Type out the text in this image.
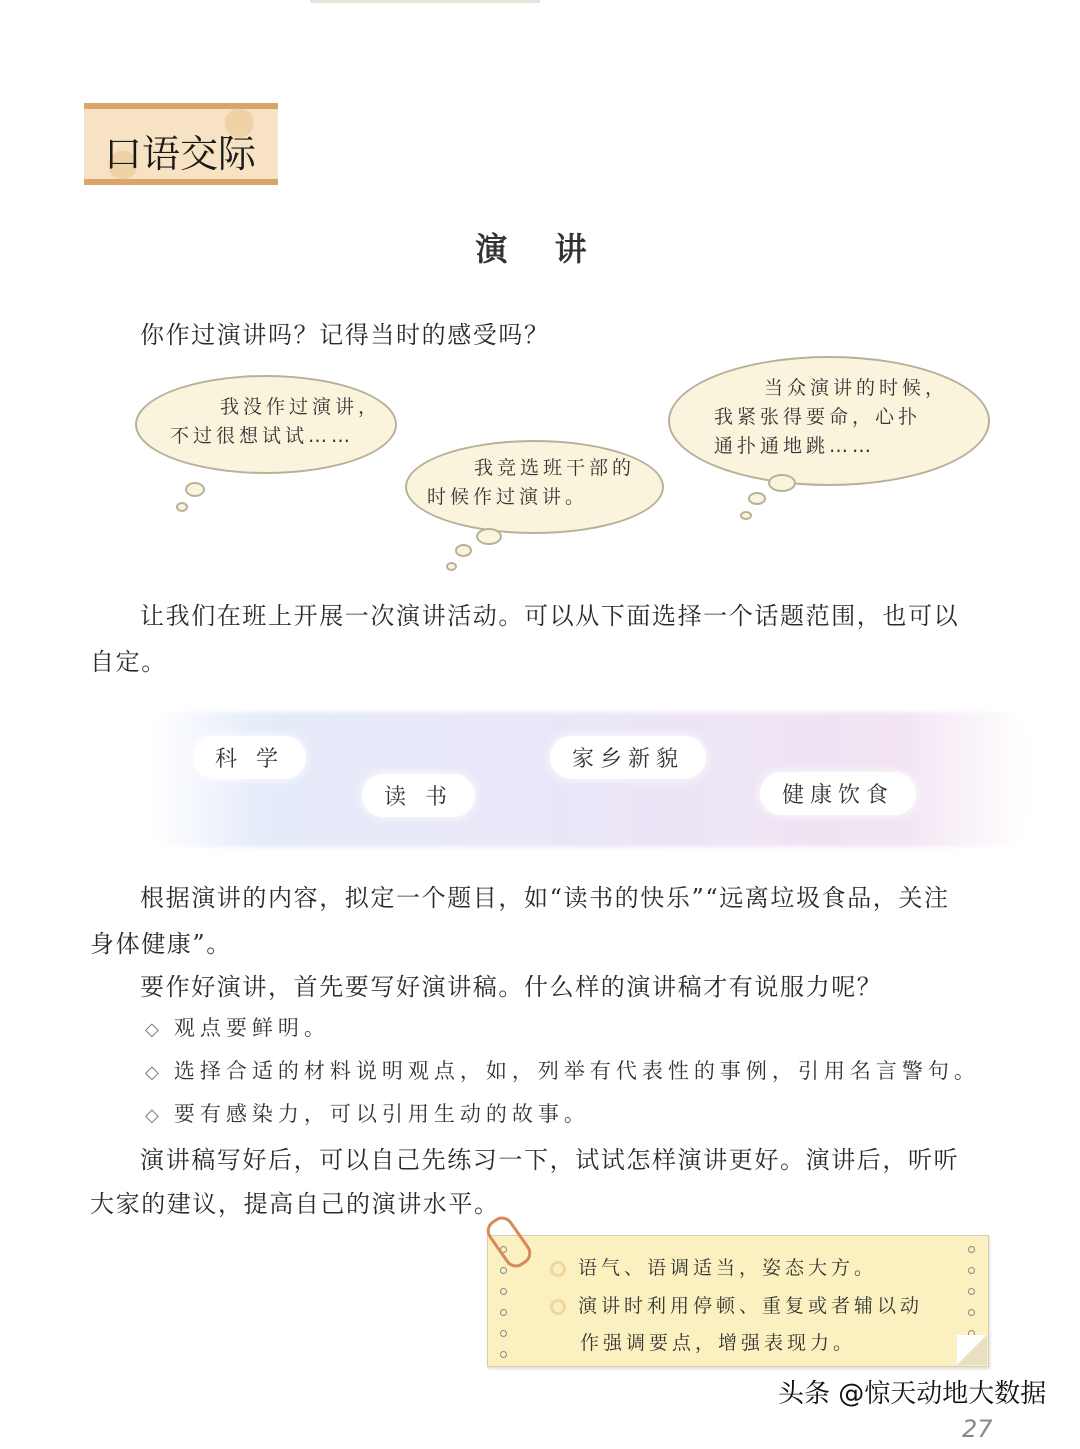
口语交际
演 讲
你作过演讲吗？记得当时的感受吗？
我没作过演讲，
不过很想试试……
我竞选班干部的
时候作过演讲。
当众演讲的时候，
我紧张得要命，心扑
通扑通地跳……
让我们在班上开展一次演讲活动。可以从下面选择一个话题范围，也可以
自定。
科 学
读 书
家乡新貌
健康饮食
根据演讲的内容，拟定一个题目，如“读书的快乐”“远离垃圾食品，关注
身体健康”。
要作好演讲，首先要写好演讲稿。什么样的演讲稿才有说服力呢？
◇ 观点要鲜明。
◇ 选择合适的材料说明观点，如，列举有代表性的事例，引用名言警句。
◇ 要有感染力，可以引用生动的故事。
演讲稿写好后，可以自己先练习一下，试试怎样演讲更好。演讲后，听听
大家的建议，提高自己的演讲水平。
语气、语调适当，姿态大方。
演讲时利用停顿、重复或者辅以动
作强调要点，增强表现力。
头条 @惊天动地大数据
27
